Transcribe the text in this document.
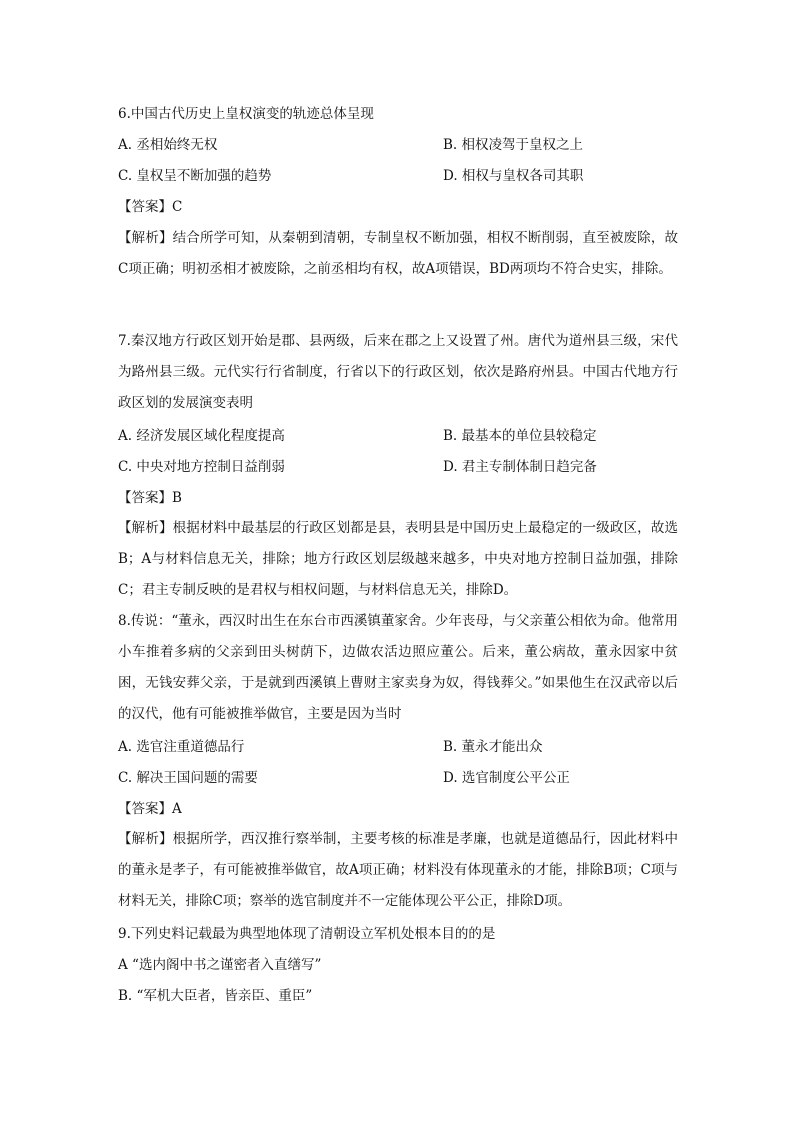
6.中国古代历史上皇权演变的轨迹总体呈现
A. 丞相始终无权	B. 相权凌驾于皇权之上
C. 皇权呈不断加强的趋势	D. 相权与皇权各司其职
【答案】C
【解析】结合所学可知，从秦朝到清朝，专制皇权不断加强，相权不断削弱，直至被废除，故C项正确；明初丞相才被废除，之前丞相均有权，故A项错误，BD两项均不符合史实，排除。
7.秦汉地方行政区划开始是郡、县两级，后来在郡之上又设置了州。唐代为道州县三级，宋代为路州县三级。元代实行行省制度，行省以下的行政区划，依次是路府州县。中国古代地方行政区划的发展演变表明
A. 经济发展区域化程度提高	B. 最基本的单位县较稳定
C. 中央对地方控制日益削弱	D. 君主专制体制日趋完备
【答案】B
【解析】根据材料中最基层的行政区划都是县，表明县是中国历史上最稳定的一级政区，故选B；A与材料信息无关，排除；地方行政区划层级越来越多，中央对地方控制日益加强，排除C；君主专制反映的是君权与相权问题，与材料信息无关，排除D。
8.传说：“董永，西汉时出生在东台市西溪镇董家舍。少年丧母，与父亲董公相依为命。他常用小车推着多病的父亲到田头树荫下，边做农活边照应董公。后来，董公病故，董永因家中贫困，无钱安葬父亲，于是就到西溪镇上曹财主家卖身为奴，得钱葬父。”如果他生在汉武帝以后的汉代，他有可能被推举做官，主要是因为当时
A. 选官注重道德品行	B. 董永才能出众
C. 解决王国问题的需要	D. 选官制度公平公正
【答案】A
【解析】根据所学，西汉推行察举制，主要考核的标准是孝廉，也就是道德品行，因此材料中的董永是孝子，有可能被推举做官，故A项正确；材料没有体现董永的才能，排除B项；C项与材料无关，排除C项；察举的选官制度并不一定能体现公平公正，排除D项。
9.下列史料记载最为典型地体现了清朝设立军机处根本目的的是
A “选内阁中书之谨密者入直缮写”
B. “军机大臣者，皆亲臣、重臣”
